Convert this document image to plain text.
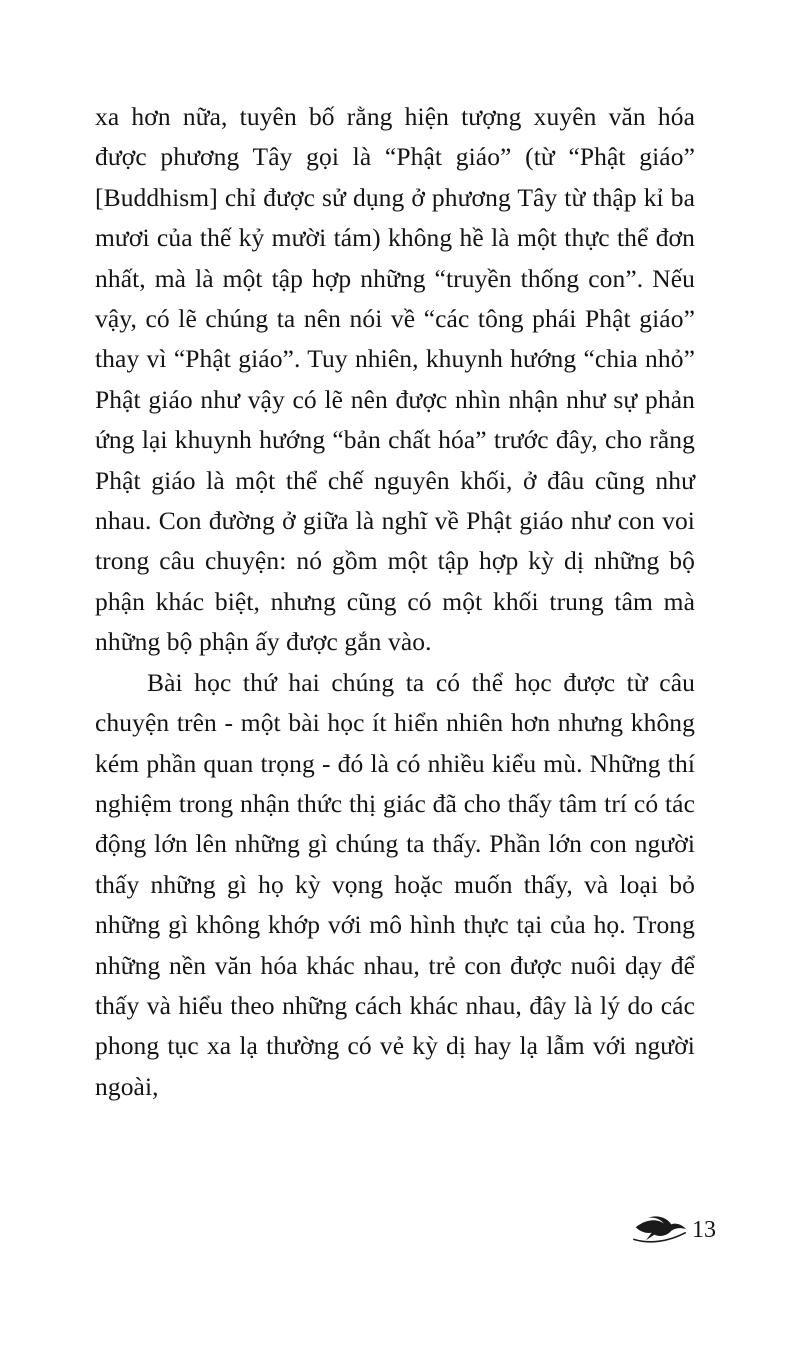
xa hơn nữa, tuyên bố rằng hiện tượng xuyên văn hóa được phương Tây gọi là “Phật giáo” (từ “Phật giáo” [Buddhism] chỉ được sử dụng ở phương Tây từ thập kỉ ba mươi của thế kỷ mười tám) không hề là một thực thể đơn nhất, mà là một tập hợp những “truyền thống con”. Nếu vậy, có lẽ chúng ta nên nói về “các tông phái Phật giáo” thay vì “Phật giáo”. Tuy nhiên, khuynh hướng “chia nhỏ” Phật giáo như vậy có lẽ nên được nhìn nhận như sự phản ứng lại khuynh hướng “bản chất hóa” trước đây, cho rằng Phật giáo là một thể chế nguyên khối, ở đâu cũng như nhau. Con đường ở giữa là nghĩ về Phật giáo như con voi trong câu chuyện: nó gồm một tập hợp kỳ dị những bộ phận khác biệt, nhưng cũng có một khối trung tâm mà những bộ phận ấy được gắn vào.

Bài học thứ hai chúng ta có thể học được từ câu chuyện trên - một bài học ít hiển nhiên hơn nhưng không kém phần quan trọng - đó là có nhiều kiểu mù. Những thí nghiệm trong nhận thức thị giác đã cho thấy tâm trí có tác động lớn lên những gì chúng ta thấy. Phần lớn con người thấy những gì họ kỳ vọng hoặc muốn thấy, và loại bỏ những gì không khớp với mô hình thực tại của họ. Trong những nền văn hóa khác nhau, trẻ con được nuôi dạy để thấy và hiểu theo những cách khác nhau, đây là lý do các phong tục xa lạ thường có vẻ kỳ dị hay lạ lẫm với người ngoài,

13
